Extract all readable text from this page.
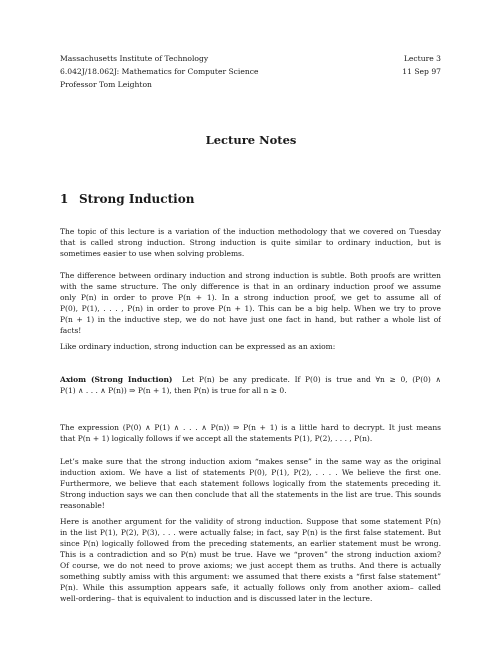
Massachusetts Institute of Technology	Lecture 3
6.042J/18.062J: Mathematics for Computer Science	11 Sep 97
Professor Tom Leighton
Lecture Notes
1 Strong Induction

The topic of this lecture is a variation of the induction methodology that we covered on Tuesday
that is called strong induction. Strong induction is quite similar to ordinary induction, but is
sometimes easier to use when solving problems.

The difference between ordinary induction and strong induction is subtle. Both proofs are written
with the same structure. The only difference is that in an ordinary induction proof we assume
only P(n) in order to prove P(n + 1). In a strong induction proof, we get to assume all of
P(0), P(1), . . . , P(n) in order to prove P(n + 1). This can be a big help. When we try to prove
P(n + 1) in the inductive step, we do not have just one fact in hand, but rather a whole list of
facts!

Like ordinary induction, strong induction can be expressed as an axiom:

Axiom (Strong Induction) Let P(n) be any predicate. If P(0) is true and ∀n ≥ 0, (P(0) ∧
P(1) ∧ . . . ∧ P(n)) ⇒ P(n + 1), then P(n) is true for all n ≥ 0.

The expression (P(0) ∧ P(1) ∧ . . . ∧ P(n)) ⇒ P(n + 1) is a little hard to decrypt. It just means
that P(n + 1) logically follows if we accept all the statements P(1), P(2), . . . , P(n).

Let’s make sure that the strong induction axiom “makes sense” in the same way as the original
induction axiom. We have a list of statements P(0), P(1), P(2), . . . . We believe the first one.
Furthermore, we believe that each statement follows logically from the statements preceding it.
Strong induction says we can then conclude that all the statements in the list are true. This sounds
reasonable!

Here is another argument for the validity of strong induction. Suppose that some statement P(n)
in the list P(1), P(2), P(3), . . . were actually false; in fact, say P(n) is the first false statement. But
since P(n) logically followed from the preceding statements, an earlier statement must be wrong.
This is a contradiction and so P(n) must be true. Have we “proven” the strong induction axiom?
Of course, we do not need to prove axioms; we just accept them as truths. And there is actually
something subtly amiss with this argument: we assumed that there exists a “first false statement”
P(n). While this assumption appears safe, it actually follows only from another axiom– called
well-ordering– that is equivalent to induction and is discussed later in the lecture.
